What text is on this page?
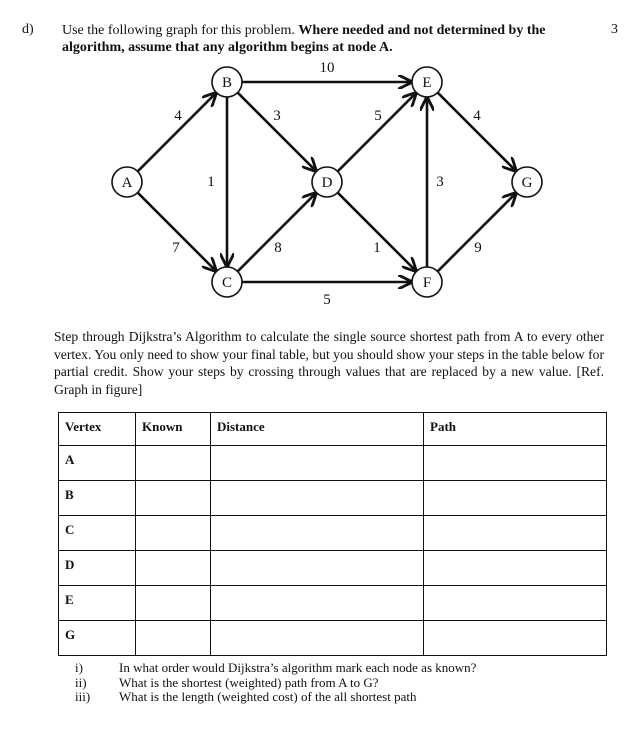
d)	3
Use the following graph for this problem. Where needed and not determined by the algorithm, assume that any algorithm begins at node A.
4
7
1
3
10
8
5
5
1
3
4
9
A
B
C
D
E
F
G
Step through Dijkstra’s Algorithm to calculate the single source shortest path from A to every other vertex. You only need to show your final table, but you should show your steps in the table below for partial credit. Show your steps by crossing through values that are replaced by a new value. [Ref. Graph in figure]
Vertex	Known	Distance	Path
A			
B			
C			
D			
E			
G			
i)	In what order would Dijkstra’s algorithm mark each node as known?
ii)	What is the shortest (weighted) path from A to G?
iii)	What is the length (weighted cost) of the all shortest path
